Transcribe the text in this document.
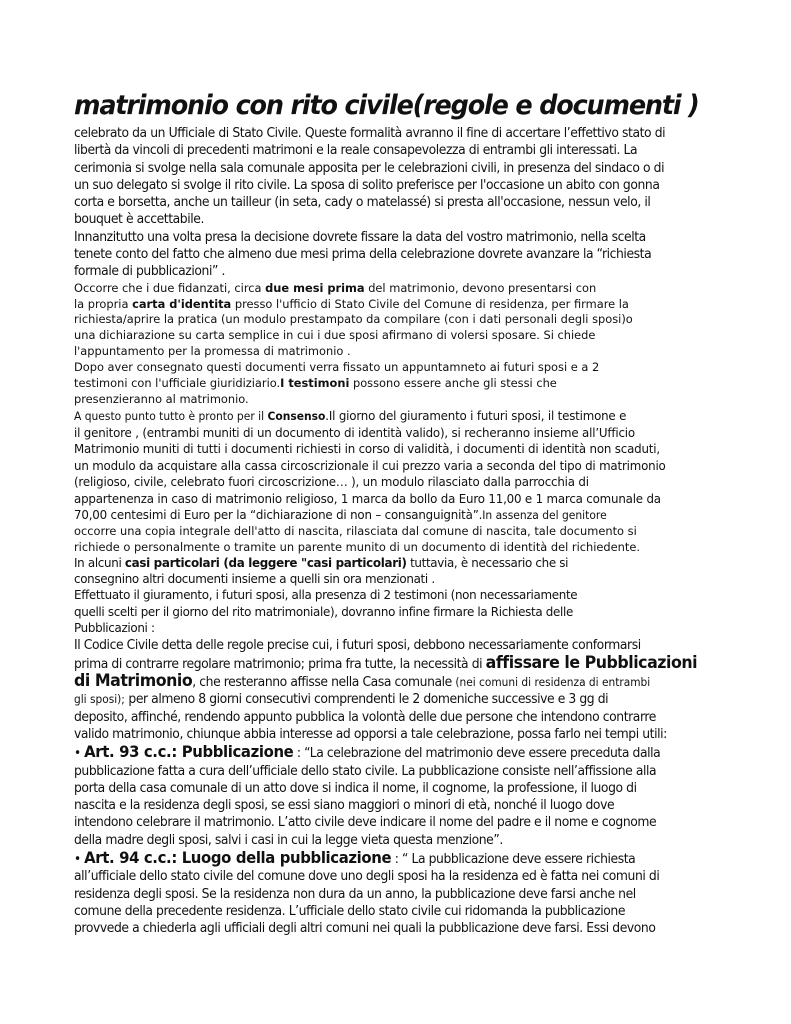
matrimonio con rito civile(regole e documenti )

celebrato da un Ufficiale di Stato Civile. Queste formalità avranno il fine di accertare l’effettivo stato di

libertà da vincoli di precedenti matrimoni e la reale consapevolezza di entrambi gli interessati. La

cerimonia si svolge nella sala comunale apposita per le celebrazioni civili, in presenza del sindaco o di

un suo delegato si svolge il rito civile. La sposa di solito preferisce per l'occasione un abito con gonna

corta e borsetta, anche un tailleur (in seta, cady o matelassé) si presta all'occasione, nessun velo, il

bouquet è accettabile.

Innanzitutto una volta presa la decisione dovrete fissare la data del vostro matrimonio, nella scelta

tenete conto del fatto che almeno due mesi prima della celebrazione dovrete avanzare la “richiesta

formale di pubblicazioni” .

Occorre che i due fidanzati, circa due mesi prima del matrimonio, devono presentarsi con

la propria carta d'identita presso l'ufficio di Stato Civile del Comune di residenza, per firmare la

richiesta/aprire la pratica (un modulo prestampato da compilare (con i dati personali degli sposi)o

una dichiarazione su carta semplice in cui i due sposi afirmano di volersi sposare. Si chiede

l'appuntamento per la promessa di matrimonio .

Dopo aver consegnato questi documenti verra fissato un appuntamneto ai futuri sposi e a 2

testimoni con l'ufficiale giuridiziario.I testimoni possono essere anche gli stessi che

presenzieranno al matrimonio.

A questo punto tutto è pronto per il Consenso.Il giorno del giuramento i futuri sposi, il testimone e

il genitore , (entrambi muniti di un documento di identità valido), si recheranno insieme all’Ufficio

Matrimonio muniti di tutti i documenti richiesti in corso di validità, i documenti di identità non scaduti,

un modulo da acquistare alla cassa circoscrizionale il cui prezzo varia a seconda del tipo di matrimonio

(religioso, civile, celebrato fuori circoscrizione… ), un modulo rilasciato dalla parrocchia di

appartenenza in caso di matrimonio religioso, 1 marca da bollo da Euro 11,00 e 1 marca comunale da

70,00 centesimi di Euro per la “dichiarazione di non – consanguignità”.In assenza del genitore

occorre una copia integrale dell'atto di nascita, rilasciata dal comune di nascita, tale documento si

richiede o personalmente o tramite un parente munito di un documento di identità del richiedente.

In alcuni casi particolari (da leggere "casi particolari) tuttavia, è necessario che si

consegnino altri documenti insieme a quelli sin ora menzionati .

Effettuato il giuramento, i futuri sposi, alla presenza di 2 testimoni (non necessariamente

quelli scelti per il giorno del rito matrimoniale), dovranno infine firmare la Richiesta delle

Pubblicazioni :

Il Codice Civile detta delle regole precise cui, i futuri sposi, debbono necessariamente conformarsi

prima di contrarre regolare matrimonio; prima fra tutte, la necessità di affissare le Pubblicazioni

di Matrimonio, che resteranno affisse nella Casa comunale (nei comuni di residenza di entrambi

gli sposi); per almeno 8 giorni consecutivi comprendenti le 2 domeniche successive e 3 gg di

deposito, affinché, rendendo appunto pubblica la volontà delle due persone che intendono contrarre

valido matrimonio, chiunque abbia interesse ad opporsi a tale celebrazione, possa farlo nei tempi utili:

• Art. 93 c.c.: Pubblicazione : “La celebrazione del matrimonio deve essere preceduta dalla

pubblicazione fatta a cura dell’ufficiale dello stato civile. La pubblicazione consiste nell’affissione alla

porta della casa comunale di un atto dove si indica il nome, il cognome, la professione, il luogo di

nascita e la residenza degli sposi, se essi siano maggiori o minori di età, nonché il luogo dove

intendono celebrare il matrimonio. L’atto civile deve indicare il nome del padre e il nome e cognome

della madre degli sposi, salvi i casi in cui la legge vieta questa menzione”.

• Art. 94 c.c.: Luogo della pubblicazione : “ La pubblicazione deve essere richiesta

all’ufficiale dello stato civile del comune dove uno degli sposi ha la residenza ed è fatta nei comuni di

residenza degli sposi. Se la residenza non dura da un anno, la pubblicazione deve farsi anche nel

comune della precedente residenza. L’ufficiale dello stato civile cui ridomanda la pubblicazione

provvede a chiederla agli ufficiali degli altri comuni nei quali la pubblicazione deve farsi. Essi devono
